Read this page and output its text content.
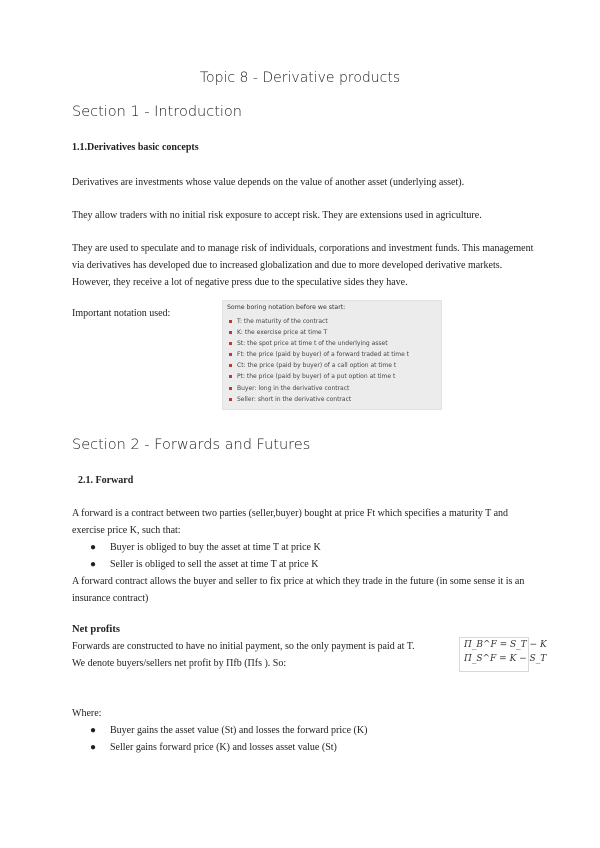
Topic 8 - Derivative products
Section 1 - Introduction
1.1.Derivatives basic concepts
Derivatives are investments whose value depends on the value of another asset (underlying asset).
They allow traders with no initial risk exposure to accept risk. They are extensions used in agriculture.
They are used to speculate and to manage risk of individuals, corporations and investment funds. This management via derivatives has developed due to increased globalization and due to more developed derivative markets. However, they receive a lot of negative press due to the speculative sides they have.
Important notation used:
Some boring notation before we start:
T: the maturity of the contract
K: the exercise price at time T
St: the spot price at time t of the underlying asset
Ft: the price (paid by buyer) of a forward traded at time t
Ct: the price (paid by buyer) of a call option at time t
Pt: the price (paid by buyer) of a put option at time t
Buyer: long in the derivative contract
Seller: short in the derivative contract
Section 2 - Forwards and Futures
2.1. Forward
A forward is a contract between two parties (seller,buyer) bought at price Ft which specifies a maturity T and exercise price K, such that:
● Buyer is obliged to buy the asset at time T at price K
● Seller is obliged to sell the asset at time T at price K
A forward contract allows the buyer and seller to fix price at which they trade in the future (in some sense it is an insurance contract)
Net profits
Forwards are constructed to have no initial payment, so the only payment is paid at T.
We denote buyers/sellers net profit by Πfb (Πfs ). So:
Π_B^F = S_T − K
Π_S^F = K − S_T
Where:
● Buyer gains the asset value (St) and losses the forward price (K)
● Seller gains forward price (K) and losses asset value (St)
